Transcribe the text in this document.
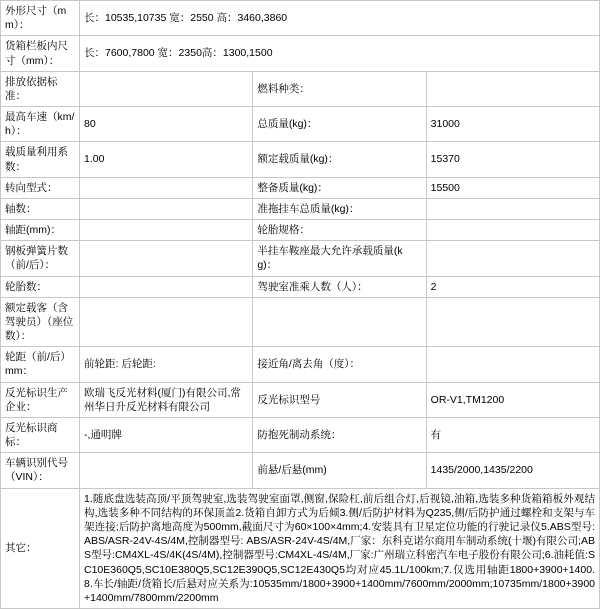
外形尺寸（mm）：	长：10535,10735 宽：2550 高：3460,3860		
货箱栏板内尺寸（mm）：	长：7600,7800 宽：2350高：1300,1500		
排放依据标准：		燃料种类：	
最高车速（km/h）：	80	总质量(kg)：	31000
载质量利用系数：	1.00	额定载质量(kg)：	15370
转向型式：		整备质量(kg)：	15500
轴数：		准拖挂车总质量(kg)：	
轴距(mm)：		轮胎规格：	
钢板弹簧片数（前/后）：		半挂车鞍座最大允许承载质量(kg)：	
轮胎数：		驾驶室准乘人数（人）：	2
额定载客（含驾驶员）（座位数）：			
轮距（前/后）mm：	前轮距: 后轮距:	接近角/离去角（度）：	
反光标识生产企业：	欧瑞飞反光材料(厦门)有限公司,常州华日升反光材料有限公司	反光标识型号	OR-V1,TM1200
反光标识商标：	-,通明牌	防抱死制动系统：	有
车辆识别代号（VIN）：		前悬/后悬(mm)	1435/2000,1435/2200
其它：	1.随底盘选装高顶/平顶驾驶室,选装驾驶室面罩,侧窗,保险杠,前后组合灯,后视镜,油箱,选装多种货箱箱板外观结构,选装多种不同结构的环保顶盖2.货箱自卸方式为后倾3.侧/后防护材料为Q235,侧/后防护通过螺栓和支架与车架连接;后防护离地高度为500mm,截面尺寸为60×100×4mm;4.安装具有卫星定位功能的行驶记录仪5.ABS型号:ABS/ASR-24V-4S/4M,控制器型号: ABS/ASR-24V-4S/4M,厂家：东科克诺尔商用车制动系统(十堰)有限公司;ABS型号:CM4XL-4S/4K(4S/4M),控制器型号:CM4XL-4S/4M,厂家:广州瑞立科密汽车电子股份有限公司;6.油耗值:SC10E360Q5,SC10E380Q5,SC12E390Q5,SC12E430Q5均对应45.1L/100km;7.仅选用轴距1800+3900+1400.8.车长/轴距/货箱长/后悬对应关系为:10535mm/1800+3900+1400mm/7600mm/2000mm;10735mm/1800+3900+1400mm/7800mm/2200mm		
